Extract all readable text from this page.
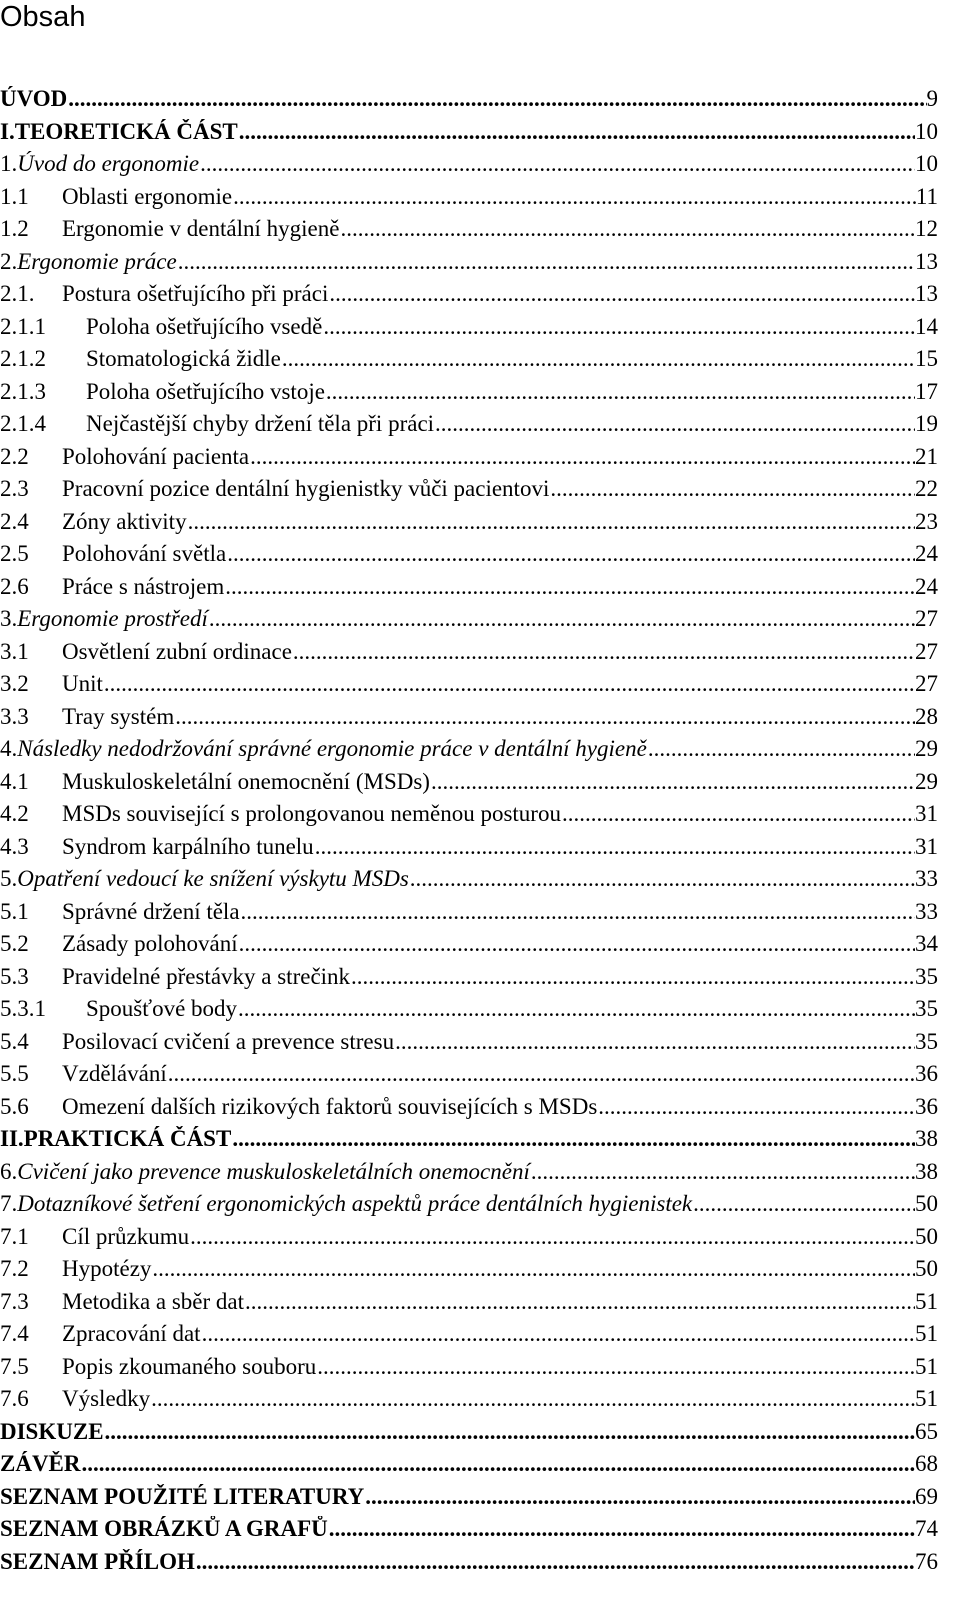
Obsah
ÚVOD .....	9
I.TEORETICKÁ ČÁST .....	10
1. Úvod do ergonomie .....	10
1.1	Oblasti ergonomie .....	11
1.2	Ergonomie v dentální hygieně .....	12
2. Ergonomie práce .....	13
2.1.	Postura ošetřujícího při práci .....	13
2.1.1	Poloha ošetřujícího vsedě .....	14
2.1.2	Stomatologická židle .....	15
2.1.3	Poloha ošetřujícího vstoje .....	17
2.1.4	Nejčastější chyby držení těla při práci .....	19
2.2	Polohování pacienta .....	21
2.3	Pracovní pozice dentální hygienistky vůči pacientovi .....	22
2.4	Zóny aktivity .....	23
2.5	Polohování světla .....	24
2.6	Práce s nástrojem .....	24
3. Ergonomie prostředí .....	27
3.1	Osvětlení zubní ordinace .....	27
3.2	Unit .....	27
3.3	Tray systém .....	28
4. Následky nedodržování správné ergonomie práce v dentální hygieně .....	29
4.1	Muskuloskeletální onemocnění (MSDs) .....	29
4.2	MSDs související s prolongovanou neměnou posturou .....	31
4.3	Syndrom karpálního tunelu .....	31
5. Opatření vedoucí ke snížení výskytu MSDs .....	33
5.1	Správné držení těla .....	33
5.2	Zásady polohování .....	34
5.3	Pravidelné přestávky a strečink .....	35
5.3.1	Spoušťové body .....	35
5.4	Posilovací cvičení a prevence stresu .....	35
5.5	Vzdělávání .....	36
5.6	Omezení dalších rizikových faktorů souvisejících s MSDs .....	36
II.PRAKTICKÁ ČÁST .....	38
6. Cvičení jako prevence muskuloskeletálních onemocnění .....	38
7. Dotazníkové šetření ergonomických aspektů práce dentálních hygienistek .....	50
7.1	Cíl průzkumu .....	50
7.2	Hypotézy .....	50
7.3	Metodika a sběr dat .....	51
7.4	Zpracování dat .....	51
7.5	Popis zkoumaného souboru .....	51
7.6	Výsledky .....	51
DISKUZE .....	65
ZÁVĚR .....	68
SEZNAM POUŽITÉ LITERATURY .....	69
SEZNAM OBRÁZKŮ A GRAFŮ .....	74
SEZNAM PŘÍLOH .....	76
